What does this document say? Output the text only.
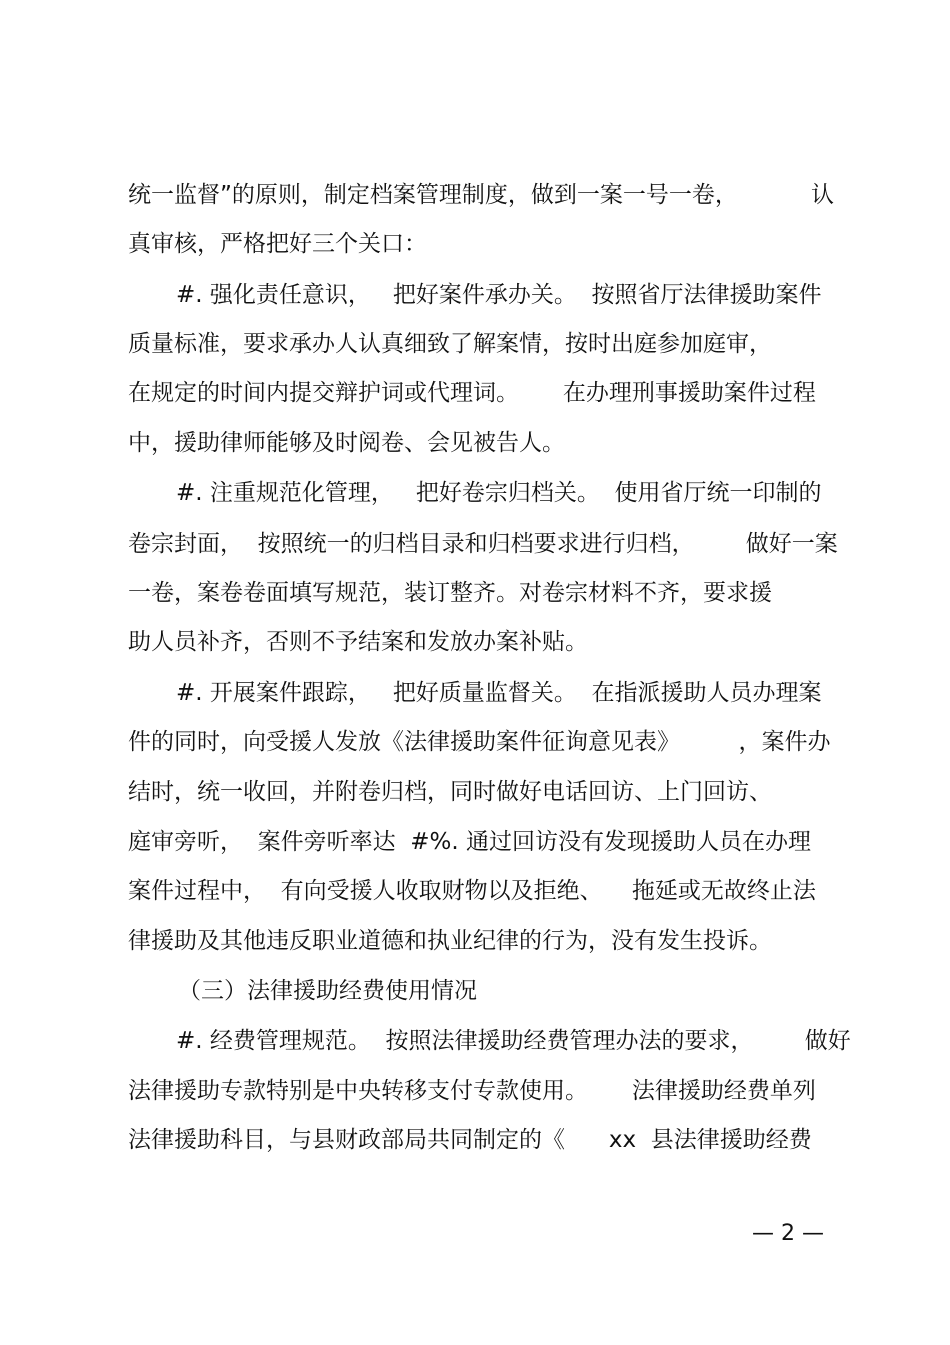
统一监督”的原则，制定档案管理制度，做到一案一号一卷，          认
真审核，严格把好三个关口：
#. 强化责任意识，   把好案件承办关。  按照省厅法律援助案件
质量标准，要求承办人认真细致了解案情，按时出庭参加庭审，
在规定的时间内提交辩护词或代理词。      在办理刑事援助案件过程
中，援助律师能够及时阅卷、会见被告人。
#. 注重规范化管理，   把好卷宗归档关。  使用省厅统一印制的
卷宗封面，  按照统一的归档目录和归档要求进行归档，       做好一案
一卷，案卷卷面填写规范，装订整齐。对卷宗材料不齐，要求援
助人员补齐，否则不予结案和发放办案补贴。
#. 开展案件跟踪，   把好质量监督关。  在指派援助人员办理案
件的同时，向受援人发放《法律援助案件征询意见表》        ，案件办
结时，统一收回，并附卷归档，同时做好电话回访、上门回访、
庭审旁听，  案件旁听率达  #%. 通过回访没有发现援助人员在办理
案件过程中，  有向受援人收取财物以及拒绝、    拖延或无故终止法
律援助及其他违反职业道德和执业纪律的行为，没有发生投诉。
（三）法律援助经费使用情况
#. 经费管理规范。  按照法律援助经费管理办法的要求，       做好
法律援助专款特别是中央转移支付专款使用。      法律援助经费单列
法律援助科目，与县财政部局共同制定的《      xx  县法律援助经费
— 2 —
